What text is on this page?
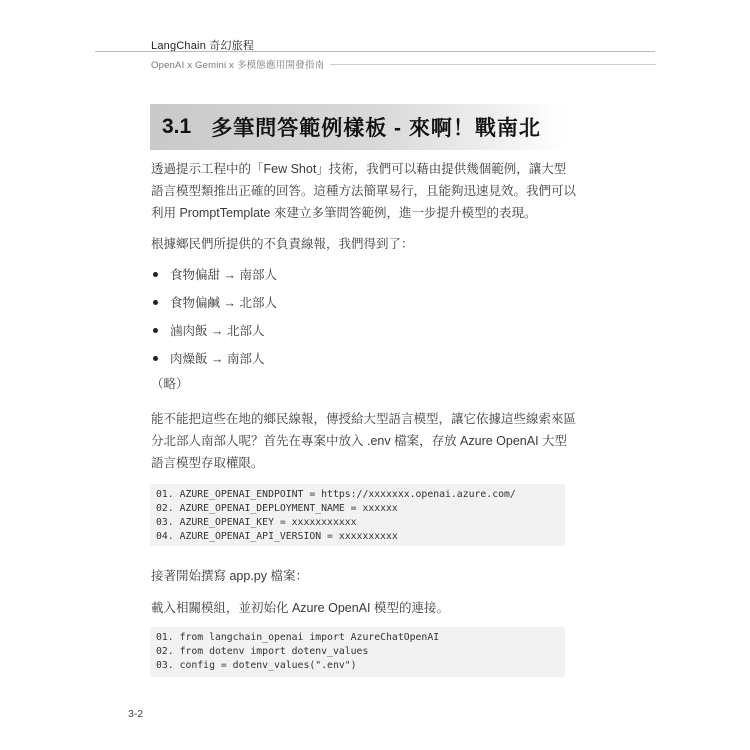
LangChain 奇幻旅程
OpenAI x Gemini x 多模態應用開發指南
3.1 多筆問答範例樣板 - 來啊！戰南北

透過提示工程中的「Few Shot」技術，我們可以藉由提供幾個範例，讓大型語言模型類推出正確的回答。這種方法簡單易行，且能夠迅速見效。我們可以利用 PromptTemplate 來建立多筆問答範例，進一步提升模型的表現。

根據鄉民們所提供的不負責線報，我們得到了：

食物偏甜 → 南部人
食物偏鹹 → 北部人
滷肉飯 → 北部人
肉燥飯 → 南部人
（略）

能不能把這些在地的鄉民線報，傳授給大型語言模型，讓它依據這些線索來區分北部人南部人呢？首先在專案中放入 .env 檔案，存放 Azure OpenAI 大型語言模型存取權限。

01. AZURE_OPENAI_ENDPOINT = https://xxxxxxx.openai.azure.com/
02. AZURE_OPENAI_DEPLOYMENT_NAME = xxxxxx
03. AZURE_OPENAI_KEY = xxxxxxxxxxx
04. AZURE_OPENAI_API_VERSION = xxxxxxxxxx

接著開始撰寫 app.py 檔案：

載入相關模組，並初始化 Azure OpenAI 模型的連接。

01. from langchain_openai import AzureChatOpenAI
02. from dotenv import dotenv_values
03. config = dotenv_values(".env")
3-2
